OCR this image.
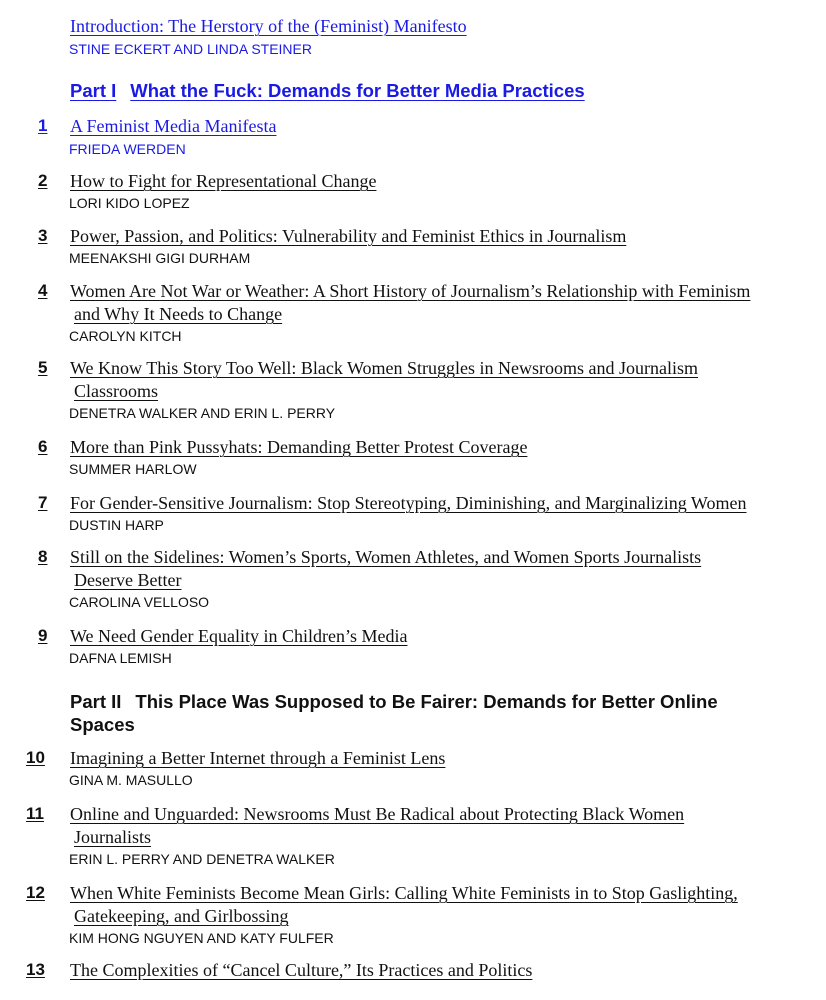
Introduction: The Herstory of the (Feminist) Manifesto
STINE ECKERT AND LINDA STEINER
Part I What the Fuck: Demands for Better Media Practices
1	A Feminist Media Manifesta
FRIEDA WERDEN
2	How to Fight for Representational Change
LORI KIDO LOPEZ
3	Power, Passion, and Politics: Vulnerability and Feminist Ethics in Journalism
MEENAKSHI GIGI DURHAM
4	Women Are Not War or Weather: A Short History of Journalism’s Relationship with Feminism
and Why It Needs to Change
CAROLYN KITCH
5	We Know This Story Too Well: Black Women Struggles in Newsrooms and Journalism
Classrooms
DENETRA WALKER AND ERIN L. PERRY
6	More than Pink Pussyhats: Demanding Better Protest Coverage
SUMMER HARLOW
7	For Gender-Sensitive Journalism: Stop Stereotyping, Diminishing, and Marginalizing Women
DUSTIN HARP
8	Still on the Sidelines: Women’s Sports, Women Athletes, and Women Sports Journalists
Deserve Better
CAROLINA VELLOSO
9	We Need Gender Equality in Children’s Media
DAFNA LEMISH
Part II This Place Was Supposed to Be Fairer: Demands for Better Online
Spaces
10	Imagining a Better Internet through a Feminist Lens
GINA M. MASULLO
11	Online and Unguarded: Newsrooms Must Be Radical about Protecting Black Women
Journalists
ERIN L. PERRY AND DENETRA WALKER
12	When White Feminists Become Mean Girls: Calling White Feminists in to Stop Gaslighting,
Gatekeeping, and Girlbossing
KIM HONG NGUYEN AND KATY FULFER
13	The Complexities of “Cancel Culture,” Its Practices and Politics
